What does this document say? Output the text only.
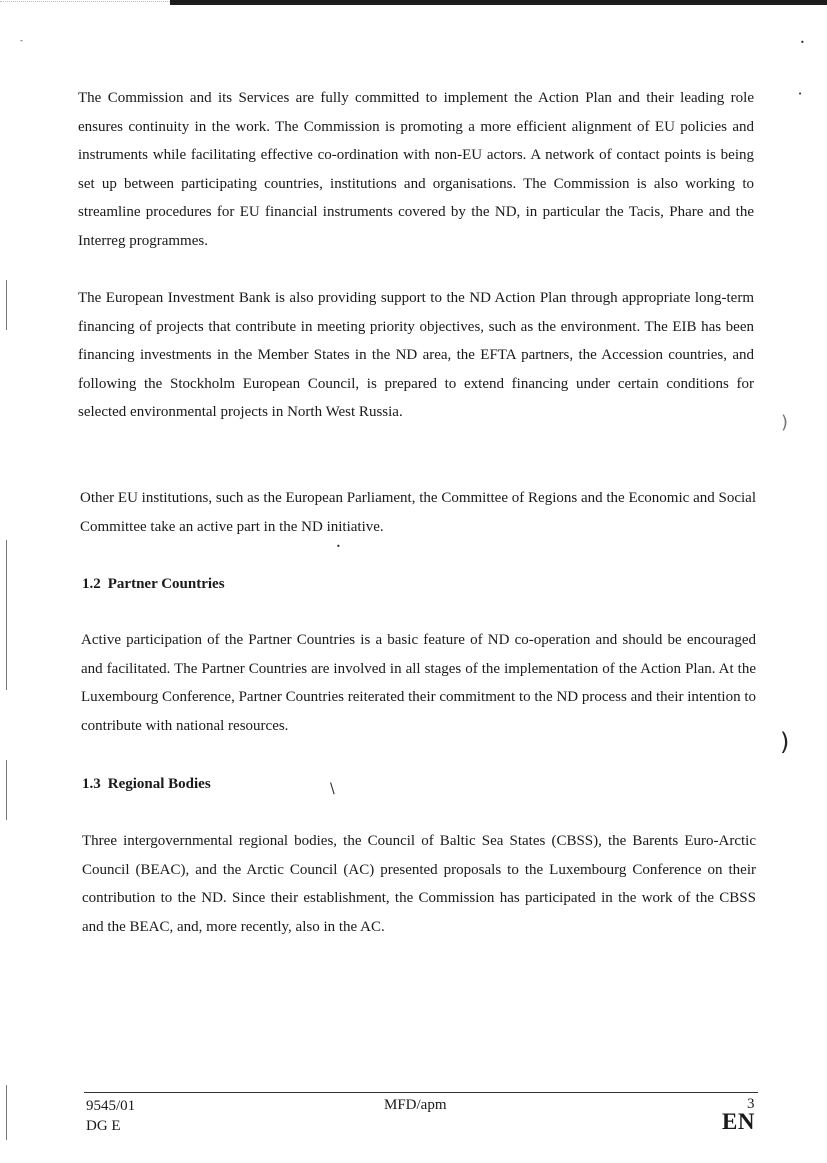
-	•
•
•
\
)
)

The Commission and its Services are fully committed to implement the Action Plan and their leading role ensures continuity in the work. The Commission is promoting a more efficient alignment of EU policies and instruments while facilitating effective co-ordination with non-EU actors. A network of contact points is being set up between participating countries, institutions and organisations. The Commission is also working to streamline procedures for EU financial instruments covered by the ND, in particular the Tacis, Phare and the Interreg programmes.

The European Investment Bank is also providing support to the ND Action Plan through appropriate long-term financing of projects that contribute in meeting priority objectives, such as the environment. The EIB has been financing investments in the Member States in the ND area, the EFTA partners, the Accession countries, and following the Stockholm European Council, is prepared to extend financing under certain conditions for selected environmental projects in North West Russia.

Other EU institutions, such as the European Parliament, the Committee of Regions and the Economic and Social Committee take an active part in the ND initiative.

1.2 Partner Countries

Active participation of the Partner Countries is a basic feature of ND co-operation and should be encouraged and facilitated. The Partner Countries are involved in all stages of the implementation of the Action Plan. At the Luxembourg Conference, Partner Countries reiterated their commitment to the ND process and their intention to contribute with national resources.

1.3 Regional Bodies

Three intergovernmental regional bodies, the Council of Baltic Sea States (CBSS), the Barents Euro-Arctic Council (BEAC), and the Arctic Council (AC) presented proposals to the Luxembourg Conference on their contribution to the ND. Since their establishment, the Commission has participated in the work of the CBSS and the BEAC, and, more recently, also in the AC.

9545/01
DG E
MFD/apm	3
EN
